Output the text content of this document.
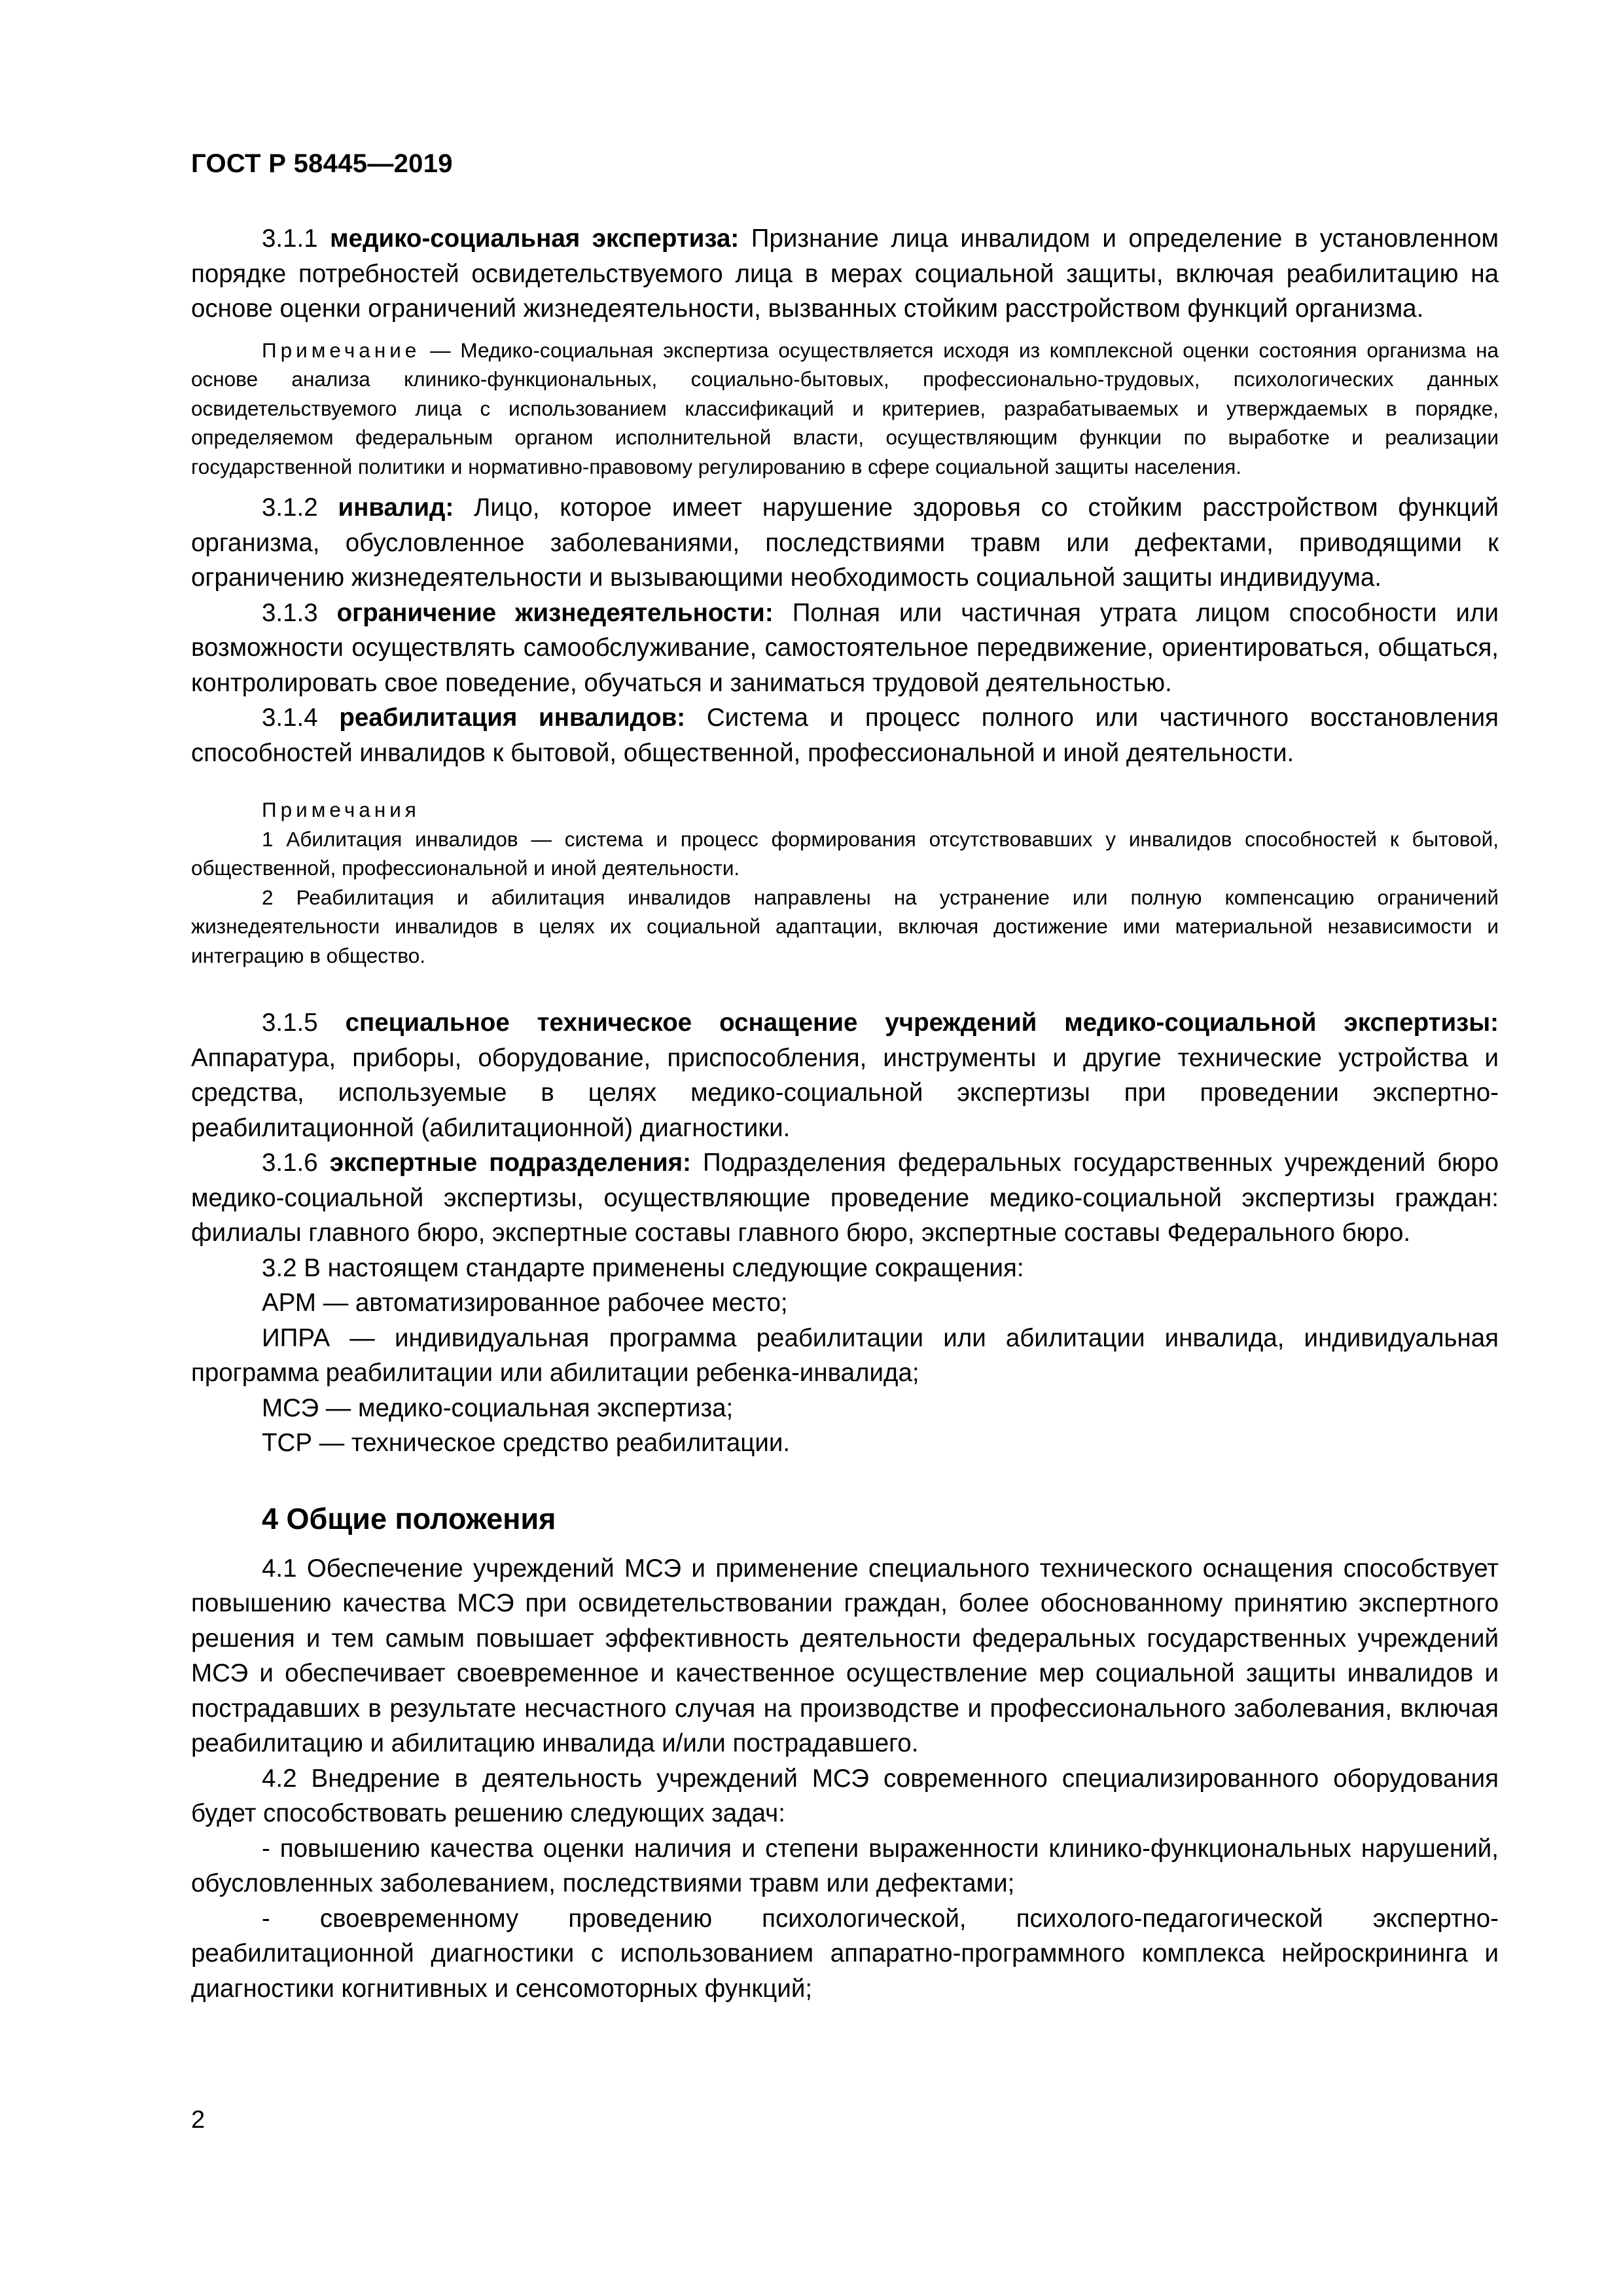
ГОСТ Р 58445—2019

3.1.1 медико-социальная экспертиза: Признание лица инвалидом и определение в установленном порядке потребностей освидетельствуемого лица в мерах социальной защиты, включая реабилитацию на основе оценки ограничений жизнедеятельности, вызванных стойким расстройством функций организма.

Примечание — Медико-социальная экспертиза осуществляется исходя из комплексной оценки состояния организма на основе анализа клинико-функциональных, социально-бытовых, профессионально-трудовых, психологических данных освидетельствуемого лица с использованием классификаций и критериев, разрабатываемых и утверждаемых в порядке, определяемом федеральным органом исполнительной власти, осуществляющим функции по выработке и реализации государственной политики и нормативно-правовому регулированию в сфере социальной защиты населения.

3.1.2 инвалид: Лицо, которое имеет нарушение здоровья со стойким расстройством функций организма, обусловленное заболеваниями, последствиями травм или дефектами, приводящими к ограничению жизнедеятельности и вызывающими необходимость социальной защиты индивидуума.

3.1.3 ограничение жизнедеятельности: Полная или частичная утрата лицом способности или возможности осуществлять самообслуживание, самостоятельное передвижение, ориентироваться, общаться, контролировать свое поведение, обучаться и заниматься трудовой деятельностью.

3.1.4 реабилитация инвалидов: Система и процесс полного или частичного восстановления способностей инвалидов к бытовой, общественной, профессиональной и иной деятельности.

Примечания

1 Абилитация инвалидов — система и процесс формирования отсутствовавших у инвалидов способностей к бытовой, общественной, профессиональной и иной деятельности.

2 Реабилитация и абилитация инвалидов направлены на устранение или полную компенсацию ограничений жизнедеятельности инвалидов в целях их социальной адаптации, включая достижение ими материальной независимости и интеграцию в общество.

3.1.5 специальное техническое оснащение учреждений медико-социальной экспертизы: Аппаратура, приборы, оборудование, приспособления, инструменты и другие технические устройства и средства, используемые в целях медико-социальной экспертизы при проведении экспертно-реабилитационной (абилитационной) диагностики.

3.1.6 экспертные подразделения: Подразделения федеральных государственных учреждений бюро медико-социальной экспертизы, осуществляющие проведение медико-социальной экспертизы граждан: филиалы главного бюро, экспертные составы главного бюро, экспертные составы Федерального бюро.

3.2 В настоящем стандарте применены следующие сокращения:

АРМ — автоматизированное рабочее место;

ИПРА — индивидуальная программа реабилитации или абилитации инвалида, индивидуальная программа реабилитации или абилитации ребенка-инвалида;

МСЭ — медико-социальная экспертиза;

ТСР — техническое средство реабилитации.

4 Общие положения

4.1 Обеспечение учреждений МСЭ и применение специального технического оснащения способствует повышению качества МСЭ при освидетельствовании граждан, более обоснованному принятию экспертного решения и тем самым повышает эффективность деятельности федеральных государственных учреждений МСЭ и обеспечивает своевременное и качественное осуществление мер социальной защиты инвалидов и пострадавших в результате несчастного случая на производстве и профессионального заболевания, включая реабилитацию и абилитацию инвалида и/или пострадавшего.

4.2 Внедрение в деятельность учреждений МСЭ современного специализированного оборудования будет способствовать решению следующих задач:

- повышению качества оценки наличия и степени выраженности клинико-функциональных нарушений, обусловленных заболеванием, последствиями травм или дефектами;

- своевременному проведению психологической, психолого-педагогической экспертно-реабилитационной диагностики с использованием аппаратно-программного комплекса нейроскрининга и диагностики когнитивных и сенсомоторных функций;

2
